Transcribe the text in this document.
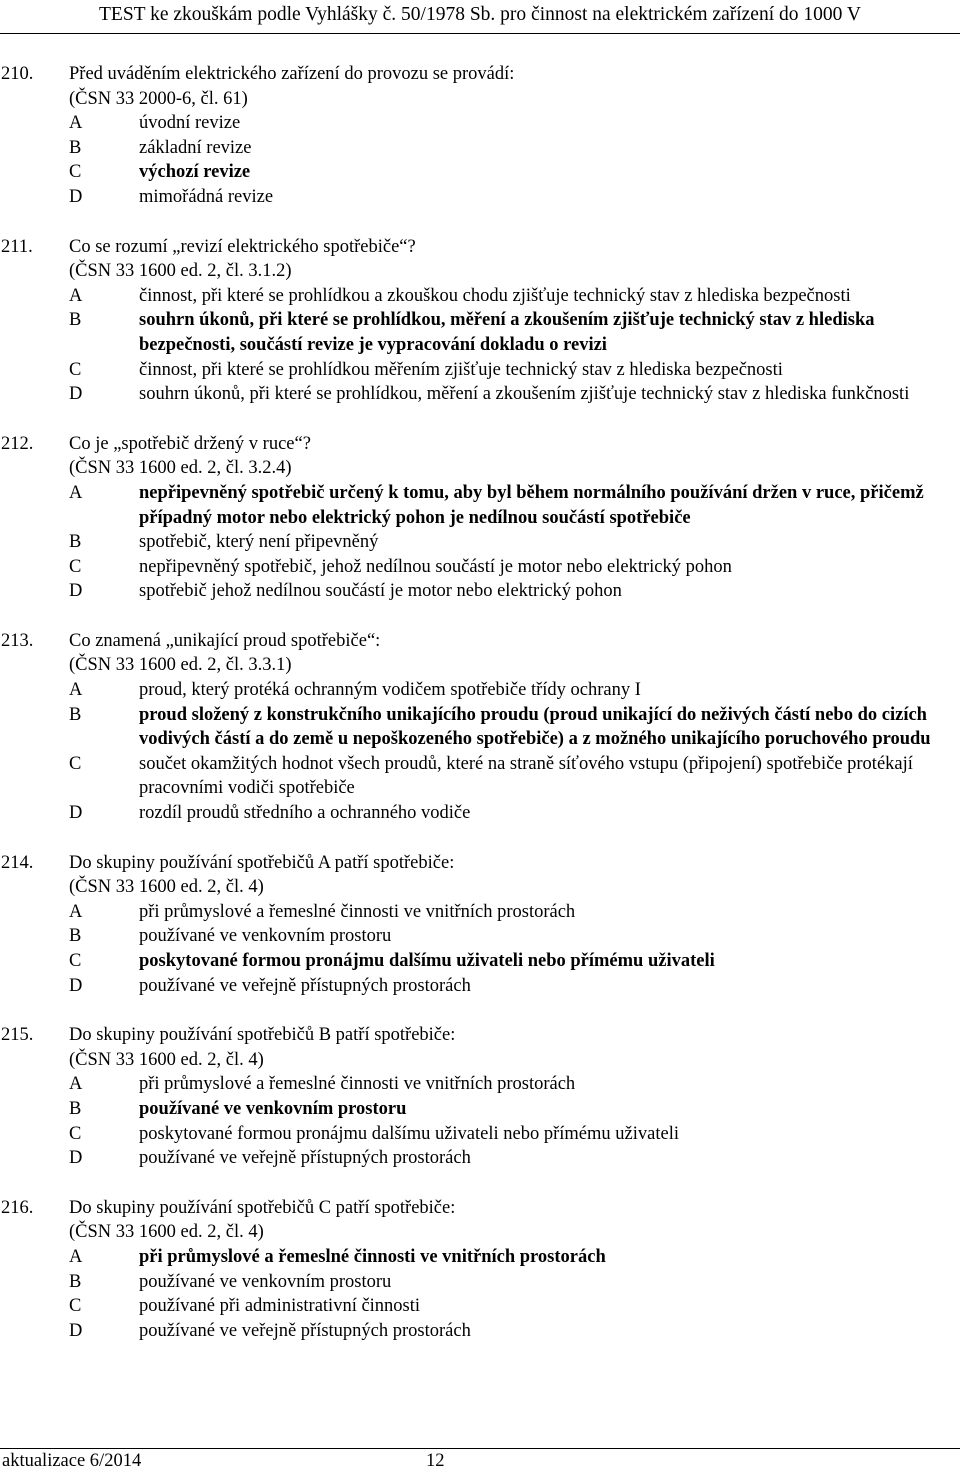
TEST ke zkouškám podle Vyhlášky č. 50/1978 Sb. pro činnost na elektrickém zařízení do 1000 V
210. Před uváděním elektrického zařízení do provozu se provádí:
(ČSN 33 2000-6, čl. 61)
A	úvodní revize
B	základní revize
C	výchozí revize
D	mimořádná revize
211. Co se rozumí „revizí elektrického spotřebiče“?
(ČSN 33 1600 ed. 2, čl. 3.1.2)
A	činnost, při které se prohlídkou a zkouškou chodu zjišťuje technický stav z hlediska bezpečnosti
B	souhrn úkonů, při které se prohlídkou, měření a zkoušením zjišťuje technický stav z hlediska bezpečnosti, součástí revize je vypracování dokladu o revizi
C	činnost, při které se prohlídkou měřením zjišťuje technický stav z hlediska bezpečnosti
D	souhrn úkonů, při které se prohlídkou, měření a zkoušením zjišťuje technický stav z hlediska funkčnosti
212. Co je „spotřebič držený v ruce“?
(ČSN 33 1600 ed. 2, čl. 3.2.4)
A	nepřipevněný spotřebič určený k tomu, aby byl během normálního používání držen v ruce, přičemž případný motor nebo elektrický pohon je nedílnou součástí spotřebiče
B	spotřebič, který není připevněný
C	nepřipevněný spotřebič, jehož nedílnou součástí je motor nebo elektrický pohon
D	spotřebič jehož nedílnou součástí je motor nebo elektrický pohon
213. Co znamená „unikající proud spotřebiče“:
(ČSN 33 1600 ed. 2, čl. 3.3.1)
A	proud, který protéká ochranným vodičem spotřebiče třídy ochrany I
B	proud složený z konstrukčního unikajícího proudu (proud unikající do neživých částí nebo do cizích vodivých částí a do země u nepoškozeného spotřebiče) a z možného unikajícího poruchového proudu
C	součet okamžitých hodnot všech proudů, které na straně síťového vstupu (připojení) spotřebiče protékají pracovními vodiči spotřebiče
D	rozdíl proudů středního a ochranného vodiče
214. Do skupiny používání spotřebičů A patří spotřebiče:
(ČSN 33 1600 ed. 2, čl. 4)
A	při průmyslové a řemeslné činnosti ve vnitřních prostorách
B	používané ve venkovním prostoru
C	poskytované formou pronájmu dalšímu uživateli nebo přímému uživateli
D	používané ve veřejně přístupných prostorách
215. Do skupiny používání spotřebičů B patří spotřebiče:
(ČSN 33 1600 ed. 2, čl. 4)
A	při průmyslové a řemeslné činnosti ve vnitřních prostorách
B	používané ve venkovním prostoru
C	poskytované formou pronájmu dalšímu uživateli nebo přímému uživateli
D	používané ve veřejně přístupných prostorách
216. Do skupiny používání spotřebičů C patří spotřebiče:
(ČSN 33 1600 ed. 2, čl. 4)
A	při průmyslové a řemeslné činnosti ve vnitřních prostorách
B	používané ve venkovním prostoru
C	používané při administrativní činnosti
D	používané ve veřejně přístupných prostorách
aktualizace 6/2014	12
